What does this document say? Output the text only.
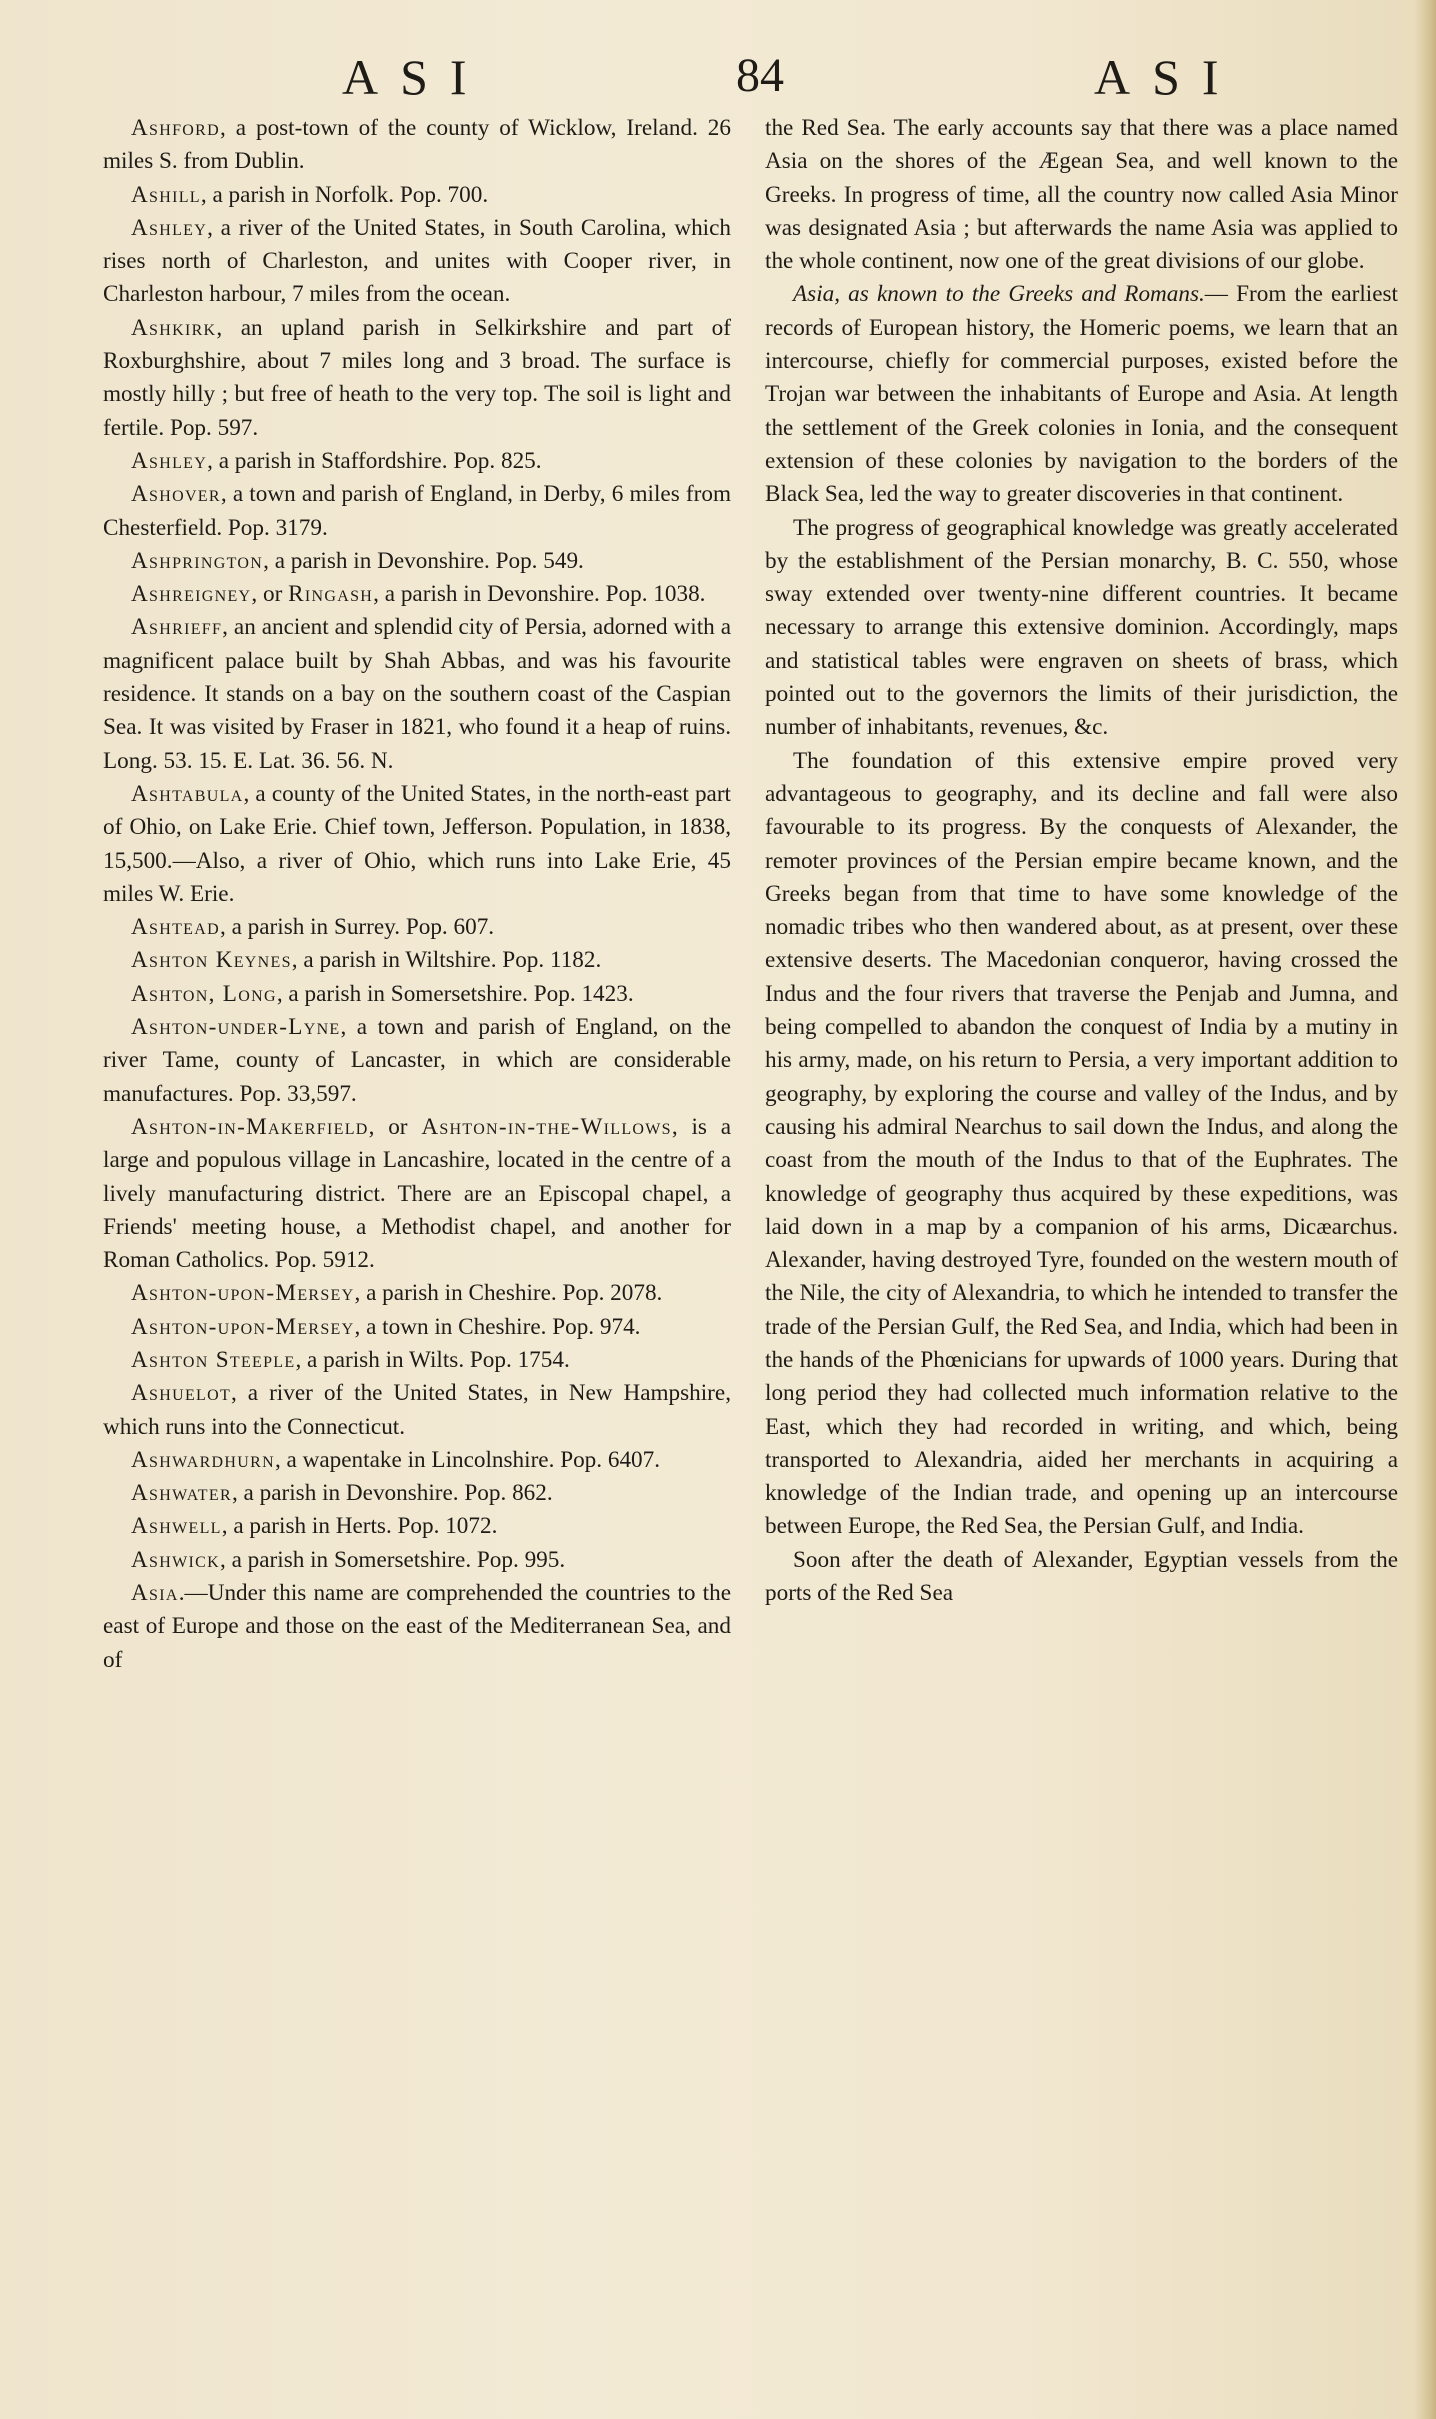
ASI	84	ASI

Ashford, a post-town of the county of Wicklow, Ireland. 26 miles S. from Dublin.

Ashill, a parish in Norfolk. Pop. 700.

Ashley, a river of the United States, in South Carolina, which rises north of Charleston, and unites with Cooper river, in Charleston harbour, 7 miles from the ocean.

Ashkirk, an upland parish in Selkirkshire and part of Roxburghshire, about 7 miles long and 3 broad. The surface is mostly hilly ; but free of heath to the very top. The soil is light and fertile. Pop. 597.

Ashley, a parish in Staffordshire. Pop. 825.

Ashover, a town and parish of England, in Derby, 6 miles from Chesterfield. Pop. 3179.

Ashprington, a parish in Devonshire. Pop. 549.

Ashreigney, or Ringash, a parish in Devonshire. Pop. 1038.

Ashrieff, an ancient and splendid city of Persia, adorned with a magnificent palace built by Shah Abbas, and was his favourite residence. It stands on a bay on the southern coast of the Caspian Sea. It was visited by Fraser in 1821, who found it a heap of ruins. Long. 53. 15. E. Lat. 36. 56. N.

Ashtabula, a county of the United States, in the north-east part of Ohio, on Lake Erie. Chief town, Jefferson. Population, in 1838, 15,500.—Also, a river of Ohio, which runs into Lake Erie, 45 miles W. Erie.

Ashtead, a parish in Surrey. Pop. 607.

Ashton Keynes, a parish in Wiltshire. Pop. 1182.

Ashton, Long, a parish in Somersetshire. Pop. 1423.

Ashton-under-Lyne, a town and parish of England, on the river Tame, county of Lancaster, in which are considerable manufactures. Pop. 33,597.

Ashton-in-Makerfield, or Ashton-in-the-Willows, is a large and populous village in Lancashire, located in the centre of a lively manufacturing district. There are an Episcopal chapel, a Friends' meeting house, a Methodist chapel, and another for Roman Catholics. Pop. 5912.

Ashton-upon-Mersey, a parish in Cheshire. Pop. 2078.

Ashton-upon-Mersey, a town in Cheshire. Pop. 974.

Ashton Steeple, a parish in Wilts. Pop. 1754.

Ashuelot, a river of the United States, in New Hampshire, which runs into the Connecticut.

Ashwardhurn, a wapentake in Lincolnshire. Pop. 6407.

Ashwater, a parish in Devonshire. Pop. 862.

Ashwell, a parish in Herts. Pop. 1072.

Ashwick, a parish in Somersetshire. Pop. 995.

Asia.—Under this name are comprehended the countries to the east of Europe and those on the east of the Mediterranean Sea, and of

the Red Sea. The early accounts say that there was a place named Asia on the shores of the Ægean Sea, and well known to the Greeks. In progress of time, all the country now called Asia Minor was designated Asia ; but afterwards the name Asia was applied to the whole continent, now one of the great divisions of our globe.

Asia, as known to the Greeks and Romans.— From the earliest records of European history, the Homeric poems, we learn that an intercourse, chiefly for commercial purposes, existed before the Trojan war between the inhabitants of Europe and Asia. At length the settlement of the Greek colonies in Ionia, and the consequent extension of these colonies by navigation to the borders of the Black Sea, led the way to greater discoveries in that continent.

The progress of geographical knowledge was greatly accelerated by the establishment of the Persian monarchy, B. C. 550, whose sway extended over twenty-nine different countries. It became necessary to arrange this extensive dominion. Accordingly, maps and statistical tables were engraven on sheets of brass, which pointed out to the governors the limits of their jurisdiction, the number of inhabitants, revenues, &c.

The foundation of this extensive empire proved very advantageous to geography, and its decline and fall were also favourable to its progress. By the conquests of Alexander, the remoter provinces of the Persian empire became known, and the Greeks began from that time to have some knowledge of the nomadic tribes who then wandered about, as at present, over these extensive deserts. The Macedonian conqueror, having crossed the Indus and the four rivers that traverse the Penjab and Jumna, and being compelled to abandon the conquest of India by a mutiny in his army, made, on his return to Persia, a very important addition to geography, by exploring the course and valley of the Indus, and by causing his admiral Nearchus to sail down the Indus, and along the coast from the mouth of the Indus to that of the Euphrates. The knowledge of geography thus acquired by these expeditions, was laid down in a map by a companion of his arms, Dicæarchus. Alexander, having destroyed Tyre, founded on the western mouth of the Nile, the city of Alexandria, to which he intended to transfer the trade of the Persian Gulf, the Red Sea, and India, which had been in the hands of the Phœnicians for upwards of 1000 years. During that long period they had collected much information relative to the East, which they had recorded in writing, and which, being transported to Alexandria, aided her merchants in acquiring a knowledge of the Indian trade, and opening up an intercourse between Europe, the Red Sea, the Persian Gulf, and India.

Soon after the death of Alexander, Egyptian vessels from the ports of the Red Sea
